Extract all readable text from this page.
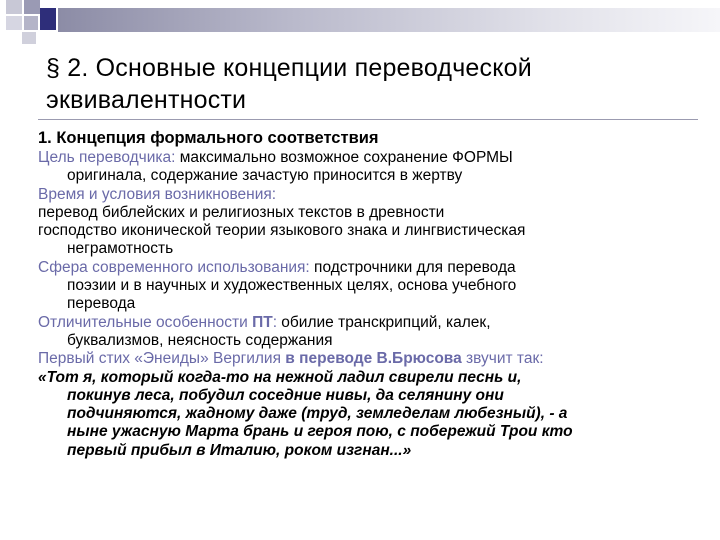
§ 2. Основные концепции переводческой
эквивалентности
1. Концепция формального соответствия
Цель переводчика: максимально возможное сохранение ФОРМЫ
оригинала, содержание зачастую приносится в жертву
Время и условия возникновения:
перевод библейских и религиозных текстов в древности
господство иконической теории языкового знака и лингвистическая
неграмотность
Сфера современного использования: подстрочники для перевода
поэзии и в научных и художественных целях, основа учебного
перевода
Отличительные особенности ПТ: обилие транскрипций, калек,
буквализмов, неясность содержания
Первый стих «Энеиды» Вергилия в переводе В.Брюсова звучит так:
«Тот я, который когда-то на нежной ладил свирели песнь и,
покинув леса, побудил соседние нивы, да селянину они
подчиняются, жадному даже (труд, земледелам любезный), - а
ныне ужасную Марта брань и героя пою, с побережий Трои кто
первый прибыл в Италию, роком изгнан...»
